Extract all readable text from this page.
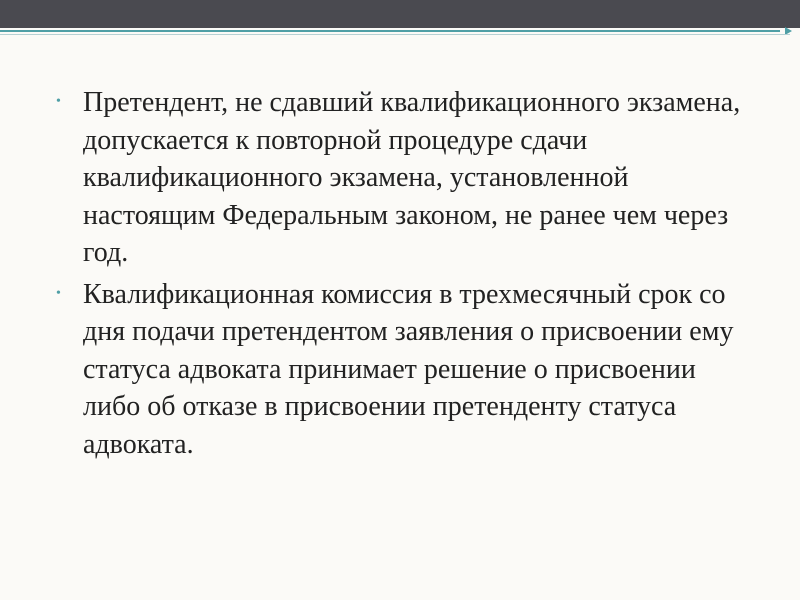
• Претендент, не сдавший квалификационного экзамена, допускается к повторной процедуре сдачи квалификационного экзамена, установленной настоящим Федеральным законом, не ранее чем через год.
• Квалификационная комиссия в трехмесячный срок со дня подачи претендентом заявления о присвоении ему статуса адвоката принимает решение о присвоении либо об отказе в присвоении претенденту статуса адвоката.
